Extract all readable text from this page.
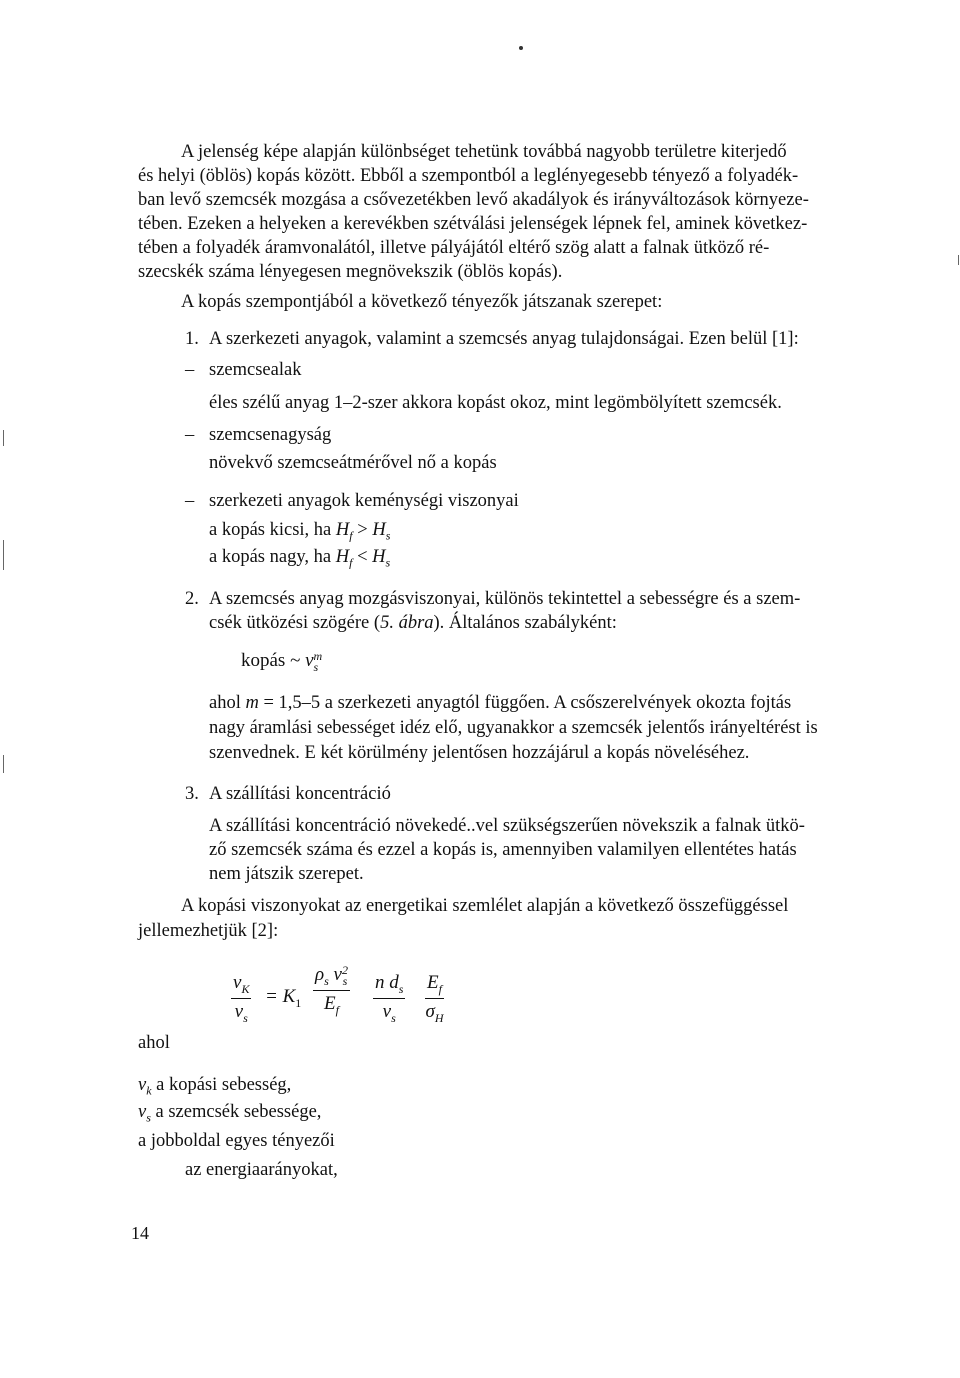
A jelenség képe alapján különbséget tehetünk továbbá nagyobb területre kiterjedő
és helyi (öblös) kopás között. Ebből a szempontból a leglényegesebb tényező a folyadék-
ban levő szemcsék mozgása a csővezetékben levő akadályok és irányváltozások környeze-
tében. Ezeken a helyeken a kerevékben szétválási jelenségek lépnek fel, aminek következ-
tében a folyadék áramvonalától, illetve pályájától eltérő szög alatt a falnak ütköző ré-
szecskék száma lényegesen megnövekszik (öblös kopás).
A kopás szempontjából a következő tényezők játszanak szerepet:
1. A szerkezeti anyagok, valamint a szemcsés anyag tulajdonságai. Ezen belül [1]:
– szemcsealak
éles szélű anyag 1–2-szer akkora kopást okoz, mint legömbölyített szemcsék.
– szemcsenagyság
növekvő szemcseátmérővel nő a kopás
– szerkezeti anyagok keménységi viszonyai
a kopás kicsi, ha $H_f > H_s$
a kopás nagy, ha $H_f < H_s$
2. A szemcsés anyag mozgásviszonyai, különös tekintettel a sebességre és a szem-
csék ütközési szögére (5. ábra). Általános szabályként:
kopás ~ v m
s
ahol m = 1,5–5 a szerkezeti anyagtól függően. A csőszerelvények okozta fojtás
nagy áramlási sebességet idéz elő, ugyanakkor a szemcsék jelentős irányeltérést is
szenvednek. E két körülmény jelentősen hozzájárul a kopás növeléséhez.
3. A szállítási koncentráció
A szállítási koncentráció növekedé..vel szükségszerűen növekszik a falnak ütkö-
ző szemcsék száma és ezzel a kopás is, amennyiben valamilyen ellentétes hatás
nem játszik szerepet.
A kopási viszonyokat az energetikai szemlélet alapján a következő összefüggéssel
jellemezhetjük [2]:
$\frac{v_K}{v_s} = K_1$ $\rho_s$ v 2
s
$E_f \frac{n d_s}{v_s} \frac{E_f}{\sigma_H}$
ahol
$v_k$ a kopási sebesség,
$v_s$ a szemcsék sebessége,
a jobboldal egyes tényezői
az energiaarányokat,
14
